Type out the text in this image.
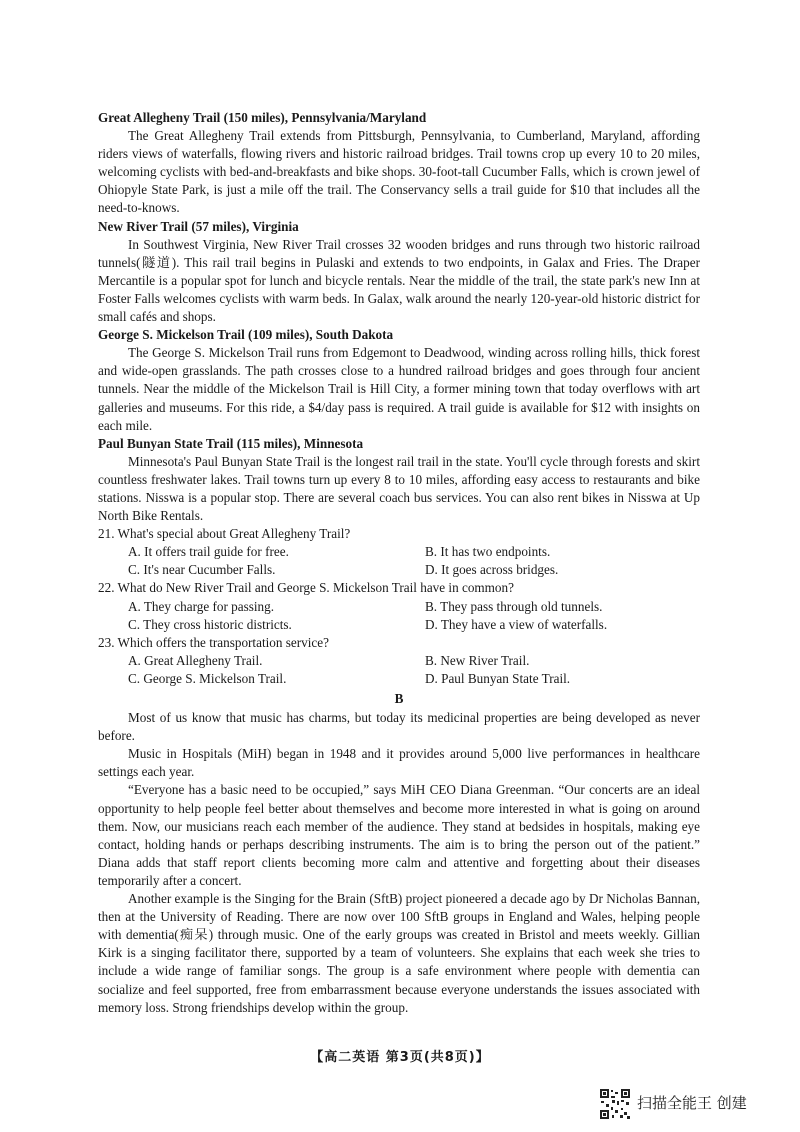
Great Allegheny Trail (150 miles), Pennsylvania/Maryland

The Great Allegheny Trail extends from Pittsburgh, Pennsylvania, to Cumberland, Maryland, affording riders views of waterfalls, flowing rivers and historic railroad bridges. Trail towns crop up every 10 to 20 miles, welcoming cyclists with bed-and-breakfasts and bike shops. 30-foot-tall Cucumber Falls, which is crown jewel of Ohiopyle State Park, is just a mile off the trail. The Conservancy sells a trail guide for $10 that includes all the need-to-knows.

New River Trail (57 miles), Virginia

In Southwest Virginia, New River Trail crosses 32 wooden bridges and runs through two historic railroad tunnels(隧道). This rail trail begins in Pulaski and extends to two endpoints, in Galax and Fries. The Draper Mercantile is a popular spot for lunch and bicycle rentals. Near the middle of the trail, the state park's new Inn at Foster Falls welcomes cyclists with warm beds. In Galax, walk around the nearly 120-year-old historic district for small cafés and shops.

George S. Mickelson Trail (109 miles), South Dakota

The George S. Mickelson Trail runs from Edgemont to Deadwood, winding across rolling hills, thick forest and wide-open grasslands. The path crosses close to a hundred railroad bridges and goes through four ancient tunnels. Near the middle of the Mickelson Trail is Hill City, a former mining town that today overflows with art galleries and museums. For this ride, a $4/day pass is required. A trail guide is available for $12 with insights on each mile.

Paul Bunyan State Trail (115 miles), Minnesota

Minnesota's Paul Bunyan State Trail is the longest rail trail in the state. You'll cycle through forests and skirt countless freshwater lakes. Trail towns turn up every 8 to 10 miles, affording easy access to restaurants and bike stations. Nisswa is a popular stop. There are several coach bus services. You can also rent bikes in Nisswa at Up North Bike Rentals.

21. What's special about Great Allegheny Trail?

A. It offers trail guide for free.	B. It has two endpoints.
C. It's near Cucumber Falls.	D. It goes across bridges.

22. What do New River Trail and George S. Mickelson Trail have in common?

A. They charge for passing.	B. They pass through old tunnels.
C. They cross historic districts.	D. They have a view of waterfalls.

23. Which offers the transportation service?

A. Great Allegheny Trail.	B. New River Trail.
C. George S. Mickelson Trail.	D. Paul Bunyan State Trail.

B

Most of us know that music has charms, but today its medicinal properties are being developed as never before.

Music in Hospitals (MiH) began in 1948 and it provides around 5,000 live performances in healthcare settings each year.

“Everyone has a basic need to be occupied,” says MiH CEO Diana Greenman. “Our concerts are an ideal opportunity to help people feel better about themselves and become more interested in what is going on around them. Now, our musicians reach each member of the audience. They stand at bedsides in hospitals, making eye contact, holding hands or perhaps describing instruments. The aim is to bring the person out of the patient.” Diana adds that staff report clients becoming more calm and attentive and forgetting about their diseases temporarily after a concert.

Another example is the Singing for the Brain (SftB) project pioneered a decade ago by Dr Nicholas Bannan, then at the University of Reading. There are now over 100 SftB groups in England and Wales, helping people with dementia(痴呆) through music. One of the early groups was created in Bristol and meets weekly. Gillian Kirk is a singing facilitator there, supported by a team of volunteers. She explains that each week she tries to include a wide range of familiar songs. The group is a safe environment where people with dementia can socialize and feel supported, free from embarrassment because everyone understands the issues associated with memory loss. Strong friendships develop within the group.

【高二英语 第3页(共8页)】
扫描全能王 创建
